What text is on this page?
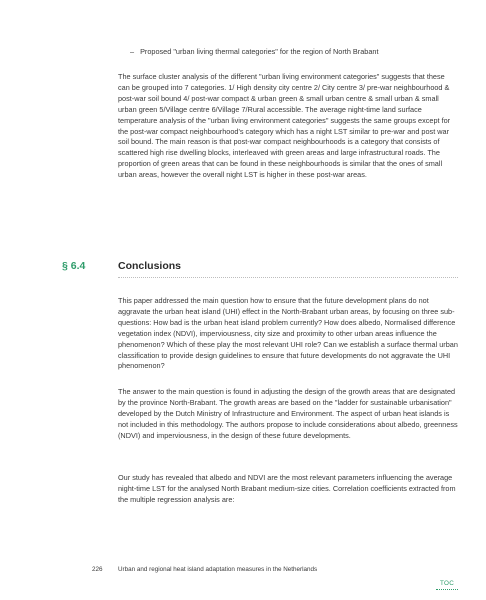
– Proposed "urban living thermal categories" for the region of North Brabant

The surface cluster analysis of the different "urban living environment categories" suggests that these can be grouped into 7 categories. 1/ High density city centre 2/ City centre 3/ pre-war neighbourhood & post-war soil bound 4/ post-war compact & urban green & small urban centre & small urban & small urban green 5/Village centre 6/Village 7/Rural accessible. The average night-time land surface temperature analysis of the "urban living environment categories" suggests the same groups except for the post-war compact neighbourhood's category which has a night LST similar to pre-war and post war soil bound. The main reason is that post-war compact neighbourhoods is a category that consists of scattered high rise dwelling blocks, interleaved with green areas and large infrastructural roads. The proportion of green areas that can be found in these neighbourhoods is similar that the ones of small urban areas, however the overall night LST is higher in these post-war areas.

§ 6.4	Conclusions

This paper addressed the main question how to ensure that the future development plans do not aggravate the urban heat island (UHI) effect in the North-Brabant urban areas, by focusing on three sub-questions: How bad is the urban heat island problem currently? How does albedo, Normalised difference vegetation index (NDVI), imperviousness, city size and proximity to other urban areas influence the phenomenon? Which of these play the most relevant UHI role? Can we establish a surface thermal urban classification to provide design guidelines to ensure that future developments do not aggravate the UHI phenomenon?

The answer to the main question is found in adjusting the design of the growth areas that are designated by the province North-Brabant. The growth areas are based on the "ladder for sustainable urbanisation" developed by the Dutch Ministry of Infrastructure and Environment. The aspect of urban heat islands is not included in this methodology. The authors propose to include considerations about albedo, greenness (NDVI) and imperviousness, in the design of these future developments.

Our study has revealed that albedo and NDVI are the most relevant parameters influencing the average night-time LST for the analysed North Brabant medium-size cities. Correlation coefficients extracted from the multiple regression analysis are:

226 Urban and regional heat island adaptation measures in the Netherlands
TOC
